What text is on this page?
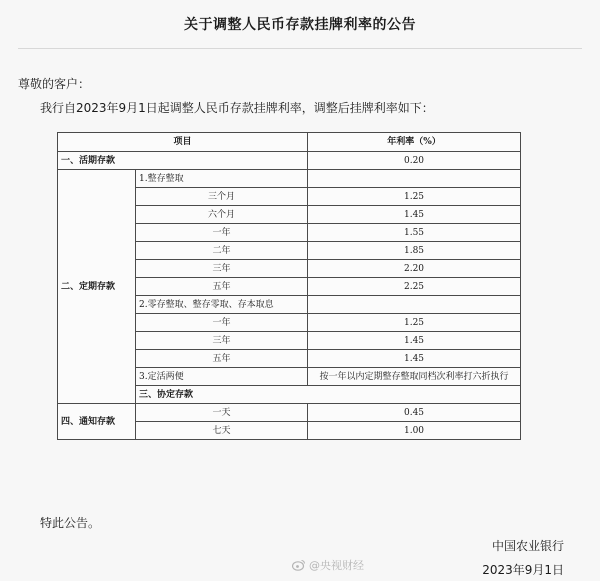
关于调整人民币存款挂牌利率的公告
尊敬的客户：
我行自2023年9月1日起调整人民币存款挂牌利率，调整后挂牌利率如下：
项目		年利率（%）	
一、活期存款		0.20	
二、定期存款	1.整存整取		
	三个月	1.25	
	六个月	1.45	
	一年	1.55	
	二年	1.85	
	三年	2.20	
	五年	2.25	
	2.零存整取、整存零取、存本取息		
	一年	1.25	
	三年	1.45	
	五年	1.45	
	3.定活两便	按一年以内定期整存整取同档次利率打六折执行	
	三、协定存款	
四、通知存款	一天	0.45	
	七天	1.00	
特此公告。
中国农业银行
2023年9月1日
@央视财经
